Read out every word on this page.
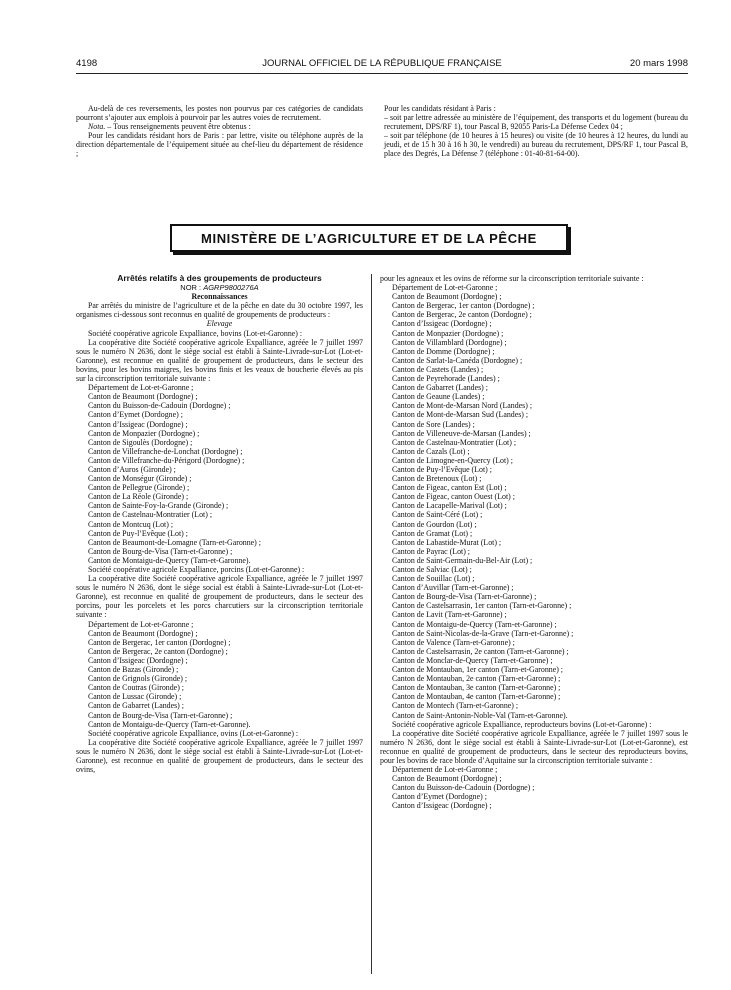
4198	JOURNAL OFFICIEL DE LA RÉPUBLIQUE FRANÇAISE	20 mars 1998

Au-delà de ces reversements, les postes non pourvus par ces catégories de candidats pourront s’ajouter aux emplois à pourvoir par les autres voies de recrutement.

Nota. – Tous renseignements peuvent être obtenus :

Pour les candidats résidant hors de Paris : par lettre, visite ou téléphone auprès de la direction départementale de l’équipement située au chef-lieu du département de résidence ;

Pour les candidats résidant à Paris :

– soit par lettre adressée au ministère de l’équipement, des transports et du logement (bureau du recrutement, DPS/RF 1), tour Pascal B, 92055 Paris-La Défense Cedex 04 ;

– soit par téléphone (de 10 heures à 15 heures) ou visite (de 10 heures à 12 heures, du lundi au jeudi, et de 15 h 30 à 16 h 30, le vendredi) au bureau du recrutement, DPS/RF 1, tour Pascal B, place des Degrés, La Défense 7 (téléphone : 01-40-81-64-00).

MINISTÈRE DE L’AGRICULTURE ET DE LA PÊCHE
Arrêtés relatifs à des groupements de producteurs
NOR : AGRP9800276A
Reconnaissances

Par arrêtés du ministre de l’agriculture et de la pêche en date du 30 octobre 1997, les organismes ci-dessous sont reconnus en qualité de groupements de producteurs :

Elevage

Société coopérative agricole Expalliance, bovins (Lot-et-Garonne) :

La coopérative dite Société coopérative agricole Expalliance, agréée le 7 juillet 1997 sous le numéro N 2636, dont le siège social est établi à Sainte-Livrade-sur-Lot (Lot-et-Garonne), est reconnue en qualité de groupement de producteurs, dans le secteur des bovins, pour les bovins maigres, les bovins finis et les veaux de boucherie élevés au pis sur la circonscription territoriale suivante :

Département de Lot-et-Garonne ;
Canton de Beaumont (Dordogne) ;
Canton du Buisson-de-Cadouin (Dordogne) ;
Canton d’Eymet (Dordogne) ;
Canton d’Issigeac (Dordogne) ;
Canton de Monpazier (Dordogne) ;
Canton de Sigoulès (Dordogne) ;
Canton de Villefranche-de-Lonchat (Dordogne) ;
Canton de Villefranche-du-Périgord (Dordogne) ;
Canton d’Auros (Gironde) ;
Canton de Monségur (Gironde) ;
Canton de Pellegrue (Gironde) ;
Canton de La Réole (Gironde) ;
Canton de Sainte-Foy-la-Grande (Gironde) ;
Canton de Castelnau-Montratier (Lot) ;
Canton de Montcuq (Lot) ;
Canton de Puy-l’Evêque (Lot) ;
Canton de Beaumont-de-Lomagne (Tarn-et-Garonne) ;
Canton de Bourg-de-Visa (Tarn-et-Garonne) ;
Canton de Montaigu-de-Quercy (Tarn-et-Garonne).

Société coopérative agricole Expalliance, porcins (Lot-et-Garonne) :

La coopérative dite Société coopérative agricole Expalliance, agréée le 7 juillet 1997 sous le numéro N 2636, dont le siège social est établi à Sainte-Livrade-sur-Lot (Lot-et-Garonne), est reconnue en qualité de groupement de producteurs, dans le secteur des porcins, pour les porcelets et les porcs charcutiers sur la circonscription territoriale suivante :

Département de Lot-et-Garonne ;
Canton de Beaumont (Dordogne) ;
Canton de Bergerac, 1er canton (Dordogne) ;
Canton de Bergerac, 2e canton (Dordogne) ;
Canton d’Issigeac (Dordogne) ;
Canton de Bazas (Gironde) ;
Canton de Grignols (Gironde) ;
Canton de Coutras (Gironde) ;
Canton de Lussac (Gironde) ;
Canton de Gabarret (Landes) ;
Canton de Bourg-de-Visa (Tarn-et-Garonne) ;
Canton de Montaigu-de-Quercy (Tarn-et-Garonne).

Société coopérative agricole Expalliance, ovins (Lot-et-Garonne) :

La coopérative dite Société coopérative agricole Expalliance, agréée le 7 juillet 1997 sous le numéro N 2636, dont le siège social est établi à Sainte-Livrade-sur-Lot (Lot-et-Garonne), est reconnue en qualité de groupement de producteurs, dans le secteur des ovins,

pour les agneaux et les ovins de réforme sur la circonscription territoriale suivante :

Département de Lot-et-Garonne ;
Canton de Beaumont (Dordogne) ;
Canton de Bergerac, 1er canton (Dordogne) ;
Canton de Bergerac, 2e canton (Dordogne) ;
Canton d’Issigeac (Dordogne) ;
Canton de Monpazier (Dordogne) ;
Canton de Villamblard (Dordogne) ;
Canton de Domme (Dordogne) ;
Canton de Sarlat-la-Canéda (Dordogne) ;
Canton de Castets (Landes) ;
Canton de Peyrehorade (Landes) ;
Canton de Gabarret (Landes) ;
Canton de Geaune (Landes) ;
Canton de Mont-de-Marsan Nord (Landes) ;
Canton de Mont-de-Marsan Sud (Landes) ;
Canton de Sore (Landes) ;
Canton de Villeneuve-de-Marsan (Landes) ;
Canton de Castelnau-Montratier (Lot) ;
Canton de Cazals (Lot) ;
Canton de Limogne-en-Quercy (Lot) ;
Canton de Puy-l’Evêque (Lot) ;
Canton de Bretenoux (Lot) ;
Canton de Figeac, canton Est (Lot) ;
Canton de Figeac, canton Ouest (Lot) ;
Canton de Lacapelle-Marival (Lot) ;
Canton de Saint-Céré (Lot) ;
Canton de Gourdon (Lot) ;
Canton de Gramat (Lot) ;
Canton de Labastide-Murat (Lot) ;
Canton de Payrac (Lot) ;
Canton de Saint-Germain-du-Bel-Air (Lot) ;
Canton de Salviac (Lot) ;
Canton de Souillac (Lot) ;
Canton d’Auvillar (Tarn-et-Garonne) ;
Canton de Bourg-de-Visa (Tarn-et-Garonne) ;
Canton de Castelsarrasin, 1er canton (Tarn-et-Garonne) ;
Canton de Lavit (Tarn-et-Garonne) ;
Canton de Montaigu-de-Quercy (Tarn-et-Garonne) ;
Canton de Saint-Nicolas-de-la-Grave (Tarn-et-Garonne) ;
Canton de Valence (Tarn-et-Garonne) ;
Canton de Castelsarrasin, 2e canton (Tarn-et-Garonne) ;
Canton de Monclar-de-Quercy (Tarn-et-Garonne) ;
Canton de Montauban, 1er canton (Tarn-et-Garonne) ;
Canton de Montauban, 2e canton (Tarn-et-Garonne) ;
Canton de Montauban, 3e canton (Tarn-et-Garonne) ;
Canton de Montauban, 4e canton (Tarn-et-Garonne) ;
Canton de Montech (Tarn-et-Garonne) ;
Canton de Saint-Antonin-Noble-Val (Tarn-et-Garonne).

Société coopérative agricole Expalliance, reproducteurs bovins (Lot-et-Garonne) :

La coopérative dite Société coopérative agricole Expalliance, agréée le 7 juillet 1997 sous le numéro N 2636, dont le siège social est établi à Sainte-Livrade-sur-Lot (Lot-et-Garonne), est reconnue en qualité de groupement de producteurs, dans le secteur des reproducteurs bovins, pour les bovins de race blonde d’Aquitaine sur la circonscription territoriale suivante :

Département de Lot-et-Garonne ;
Canton de Beaumont (Dordogne) ;
Canton du Buisson-de-Cadouin (Dordogne) ;
Canton d’Eymet (Dordogne) ;
Canton d’Issigeac (Dordogne) ;
